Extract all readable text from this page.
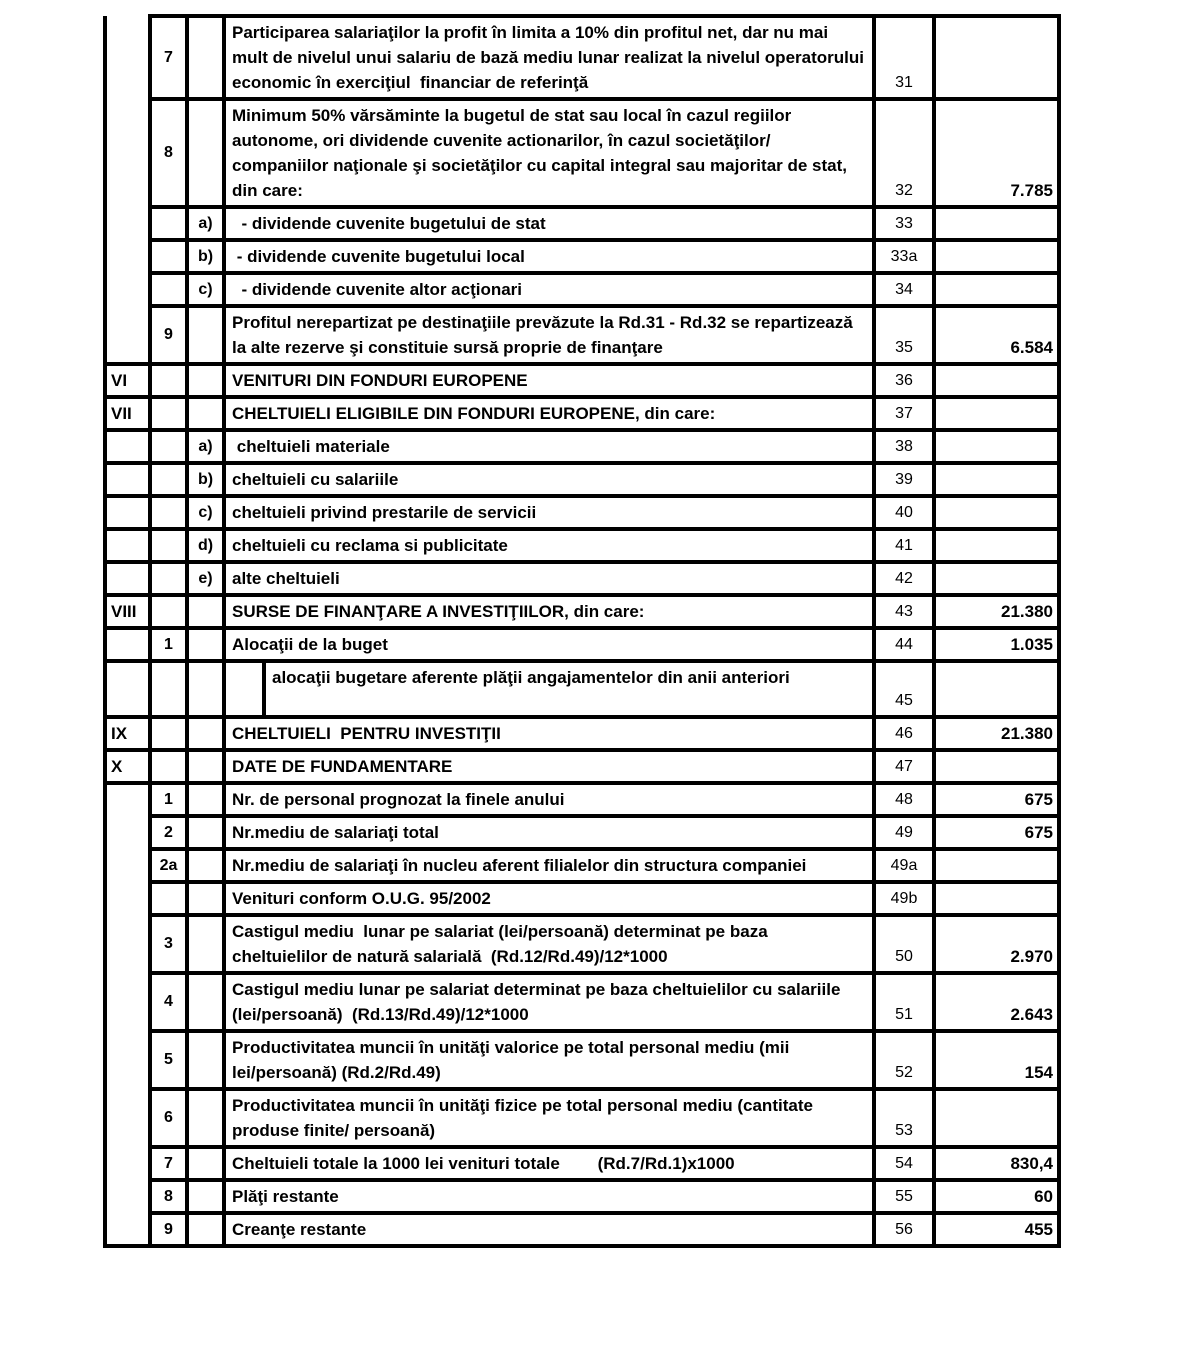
	7		Participarea salariaţilor la profit în limita a 10% din profitul net, dar nu mai mult de nivelul unui salariu de bază mediu lunar realizat la nivelul operatorului economic în exerciţiul  financiar de referinţă	31	
	8		Minimum 50% vărsăminte la bugetul de stat sau local în cazul regiilor autonome, ori dividende cuvenite actionarilor, în cazul societăţilor/ companiilor naţionale şi societăţilor cu capital integral sau majoritar de stat, din care:	32	7.785
		a)	- dividende cuvenite bugetului de stat	33	
		b)	- dividende cuvenite bugetului local	33a	
		c)	- dividende cuvenite altor acţionari	34	
	9		Profitul nerepartizat pe destinaţiile prevăzute la Rd.31 - Rd.32 se repartizează la alte rezerve şi constituie sursă proprie de finanţare	35	6.584
VI			VENITURI DIN FONDURI EUROPENE	36	
VII			CHELTUIELI ELIGIBILE DIN FONDURI EUROPENE, din care:	37	
		a)	cheltuieli materiale	38	
		b)	cheltuieli cu salariile	39	
		c)	cheltuieli privind prestarile de servicii	40	
		d)	cheltuieli cu reclama si publicitate	41	
		e)	alte cheltuieli	42	
VIII			SURSE DE FINANŢARE A INVESTIŢIILOR, din care:	43	21.380
	1		Alocaţii de la buget	44	1.035

			alocaţii bugetare aferente plăţii angajamentelor din anii anteriori	45	
IX			CHELTUIELI  PENTRU INVESTIŢII	46	21.380
X			DATE DE FUNDAMENTARE	47	
	1		Nr. de personal prognozat la finele anului	48	675
	2		Nr.mediu de salariaţi total	49	675
	2a		Nr.mediu de salariaţi în nucleu aferent filialelor din structura companiei	49a	
			Venituri conform O.U.G. 95/2002	49b	
	3		Castigul mediu  lunar pe salariat (lei/persoană) determinat pe baza cheltuielilor de natură salarială  (Rd.12/Rd.49)/12*1000	50	2.970
	4		Castigul mediu lunar pe salariat determinat pe baza cheltuielilor cu salariile (lei/persoană)  (Rd.13/Rd.49)/12*1000	51	2.643
	5		Productivitatea muncii în unităţi valorice pe total personal mediu (mii lei/persoană) (Rd.2/Rd.49)	52	154
	6		Productivitatea muncii în unităţi fizice pe total personal mediu (cantitate produse finite/ persoană)	53	
	7		Cheltuieli totale la 1000 lei venituri totale        (Rd.7/Rd.1)x1000	54	830,4
	8		Plăţi restante	55	60
	9		Creanţe restante	56	455
